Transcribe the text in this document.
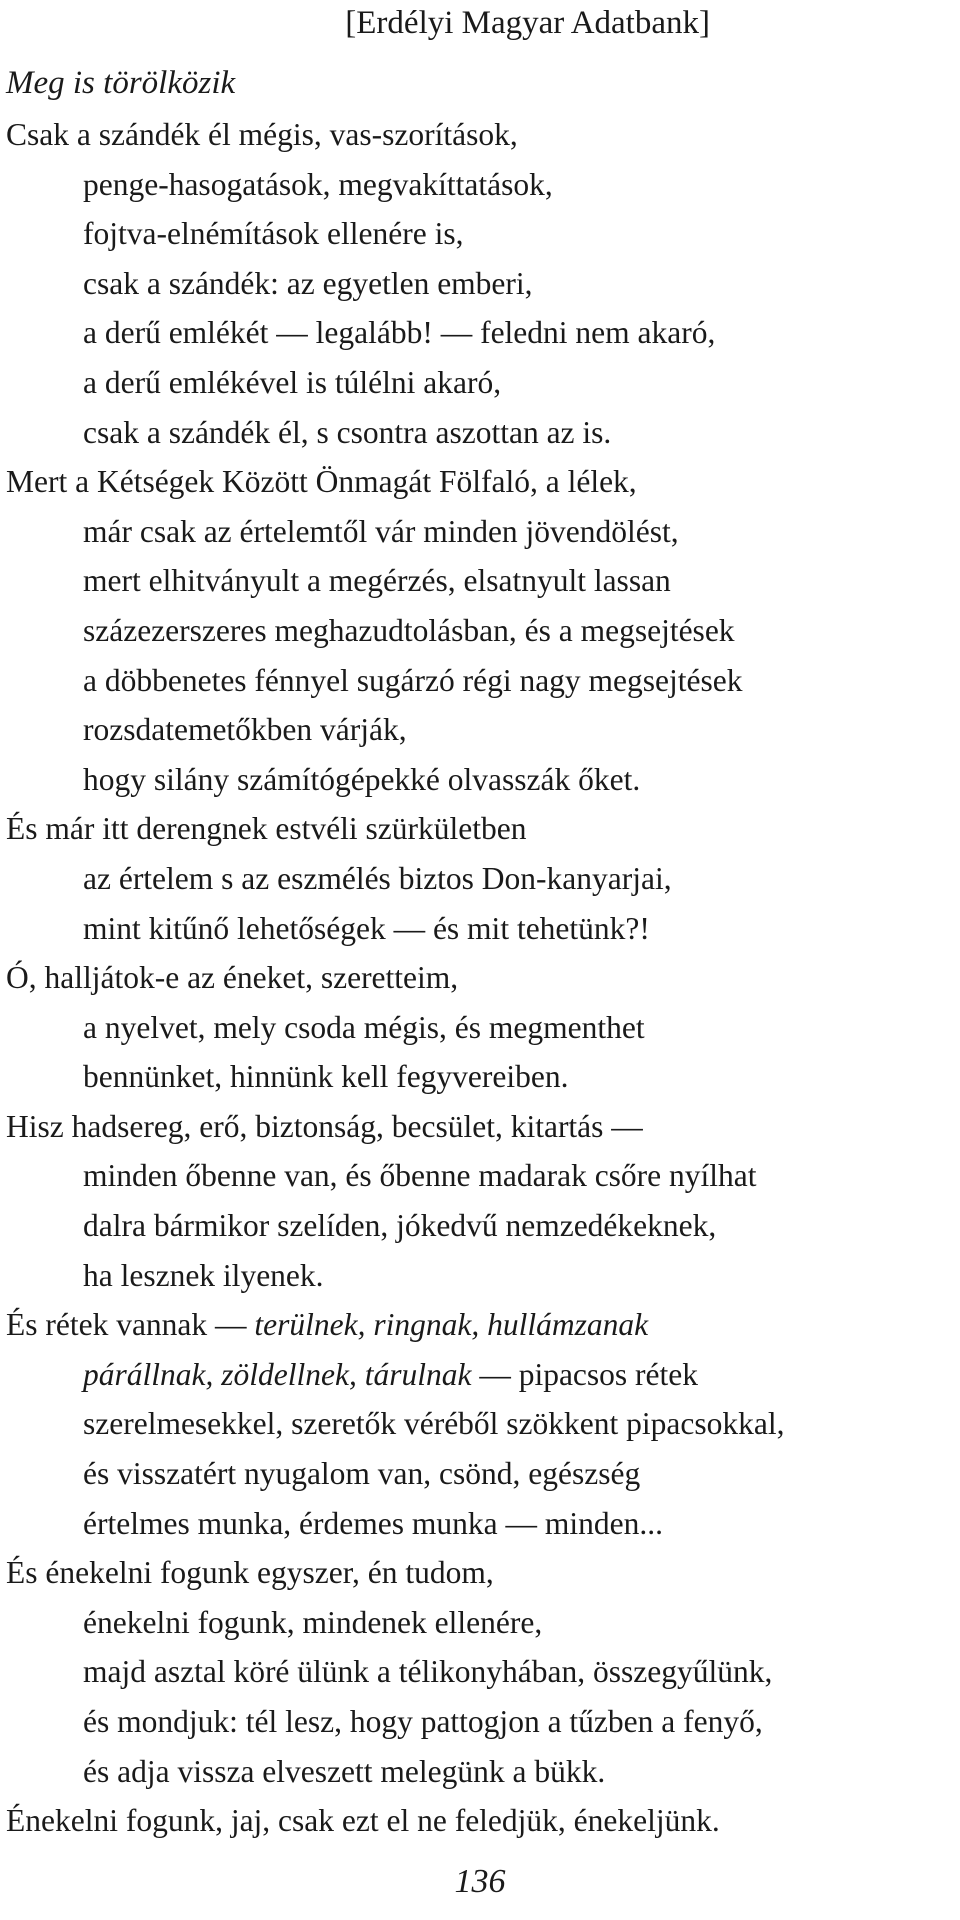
[Erdélyi Magyar Adatbank]
Meg is törölközik
Csak a szándék él mégis, vas-szorítások,
penge-hasogatások, megvakíttatások,
fojtva-elnémítások ellenére is,
csak a szándék: az egyetlen emberi,
a derű emlékét — legalább! — feledni nem akaró,
a derű emlékével is túlélni akaró,
csak a szándék él, s csontra aszottan az is.
Mert a Kétségek Között Önmagát Fölfaló, a lélek,
már csak az értelemtől vár minden jövendölést,
mert elhitványult a megérzés, elsatnyult lassan
százezerszeres meghazudtolásban, és a megsejtések
a döbbenetes fénnyel sugárzó régi nagy megsejtések
rozsdatemetőkben várják,
hogy silány számítógépekké olvasszák őket.
És már itt derengnek estvéli szürkületben
az értelem s az eszmélés biztos Don-kanyarjai,
mint kitűnő lehetőségek — és mit tehetünk?!
Ó, halljátok-e az éneket, szeretteim,
a nyelvet, mely csoda mégis, és megmenthet
bennünket, hinnünk kell fegyvereiben.
Hisz hadsereg, erő, biztonság, becsület, kitartás —
minden őbenne van, és őbenne madarak csőre nyílhat
dalra bármikor szelíden, jókedvű nemzedékeknek,
ha lesznek ilyenek.
És rétek vannak — terülnek, ringnak, hullámzanak
párállnak, zöldellnek, tárulnak — pipacsos rétek
szerelmesekkel, szeretők véréből szökkent pipacsokkal,
és visszatért nyugalom van, csönd, egészség
értelmes munka, érdemes munka — minden...
És énekelni fogunk egyszer, én tudom,
énekelni fogunk, mindenek ellenére,
majd asztal köré ülünk a télikonyhában, összegyűlünk,
és mondjuk: tél lesz, hogy pattogjon a tűzben a fenyő,
és adja vissza elveszett melegünk a bükk.
Énekelni fogunk, jaj, csak ezt el ne feledjük, énekeljünk.
136
